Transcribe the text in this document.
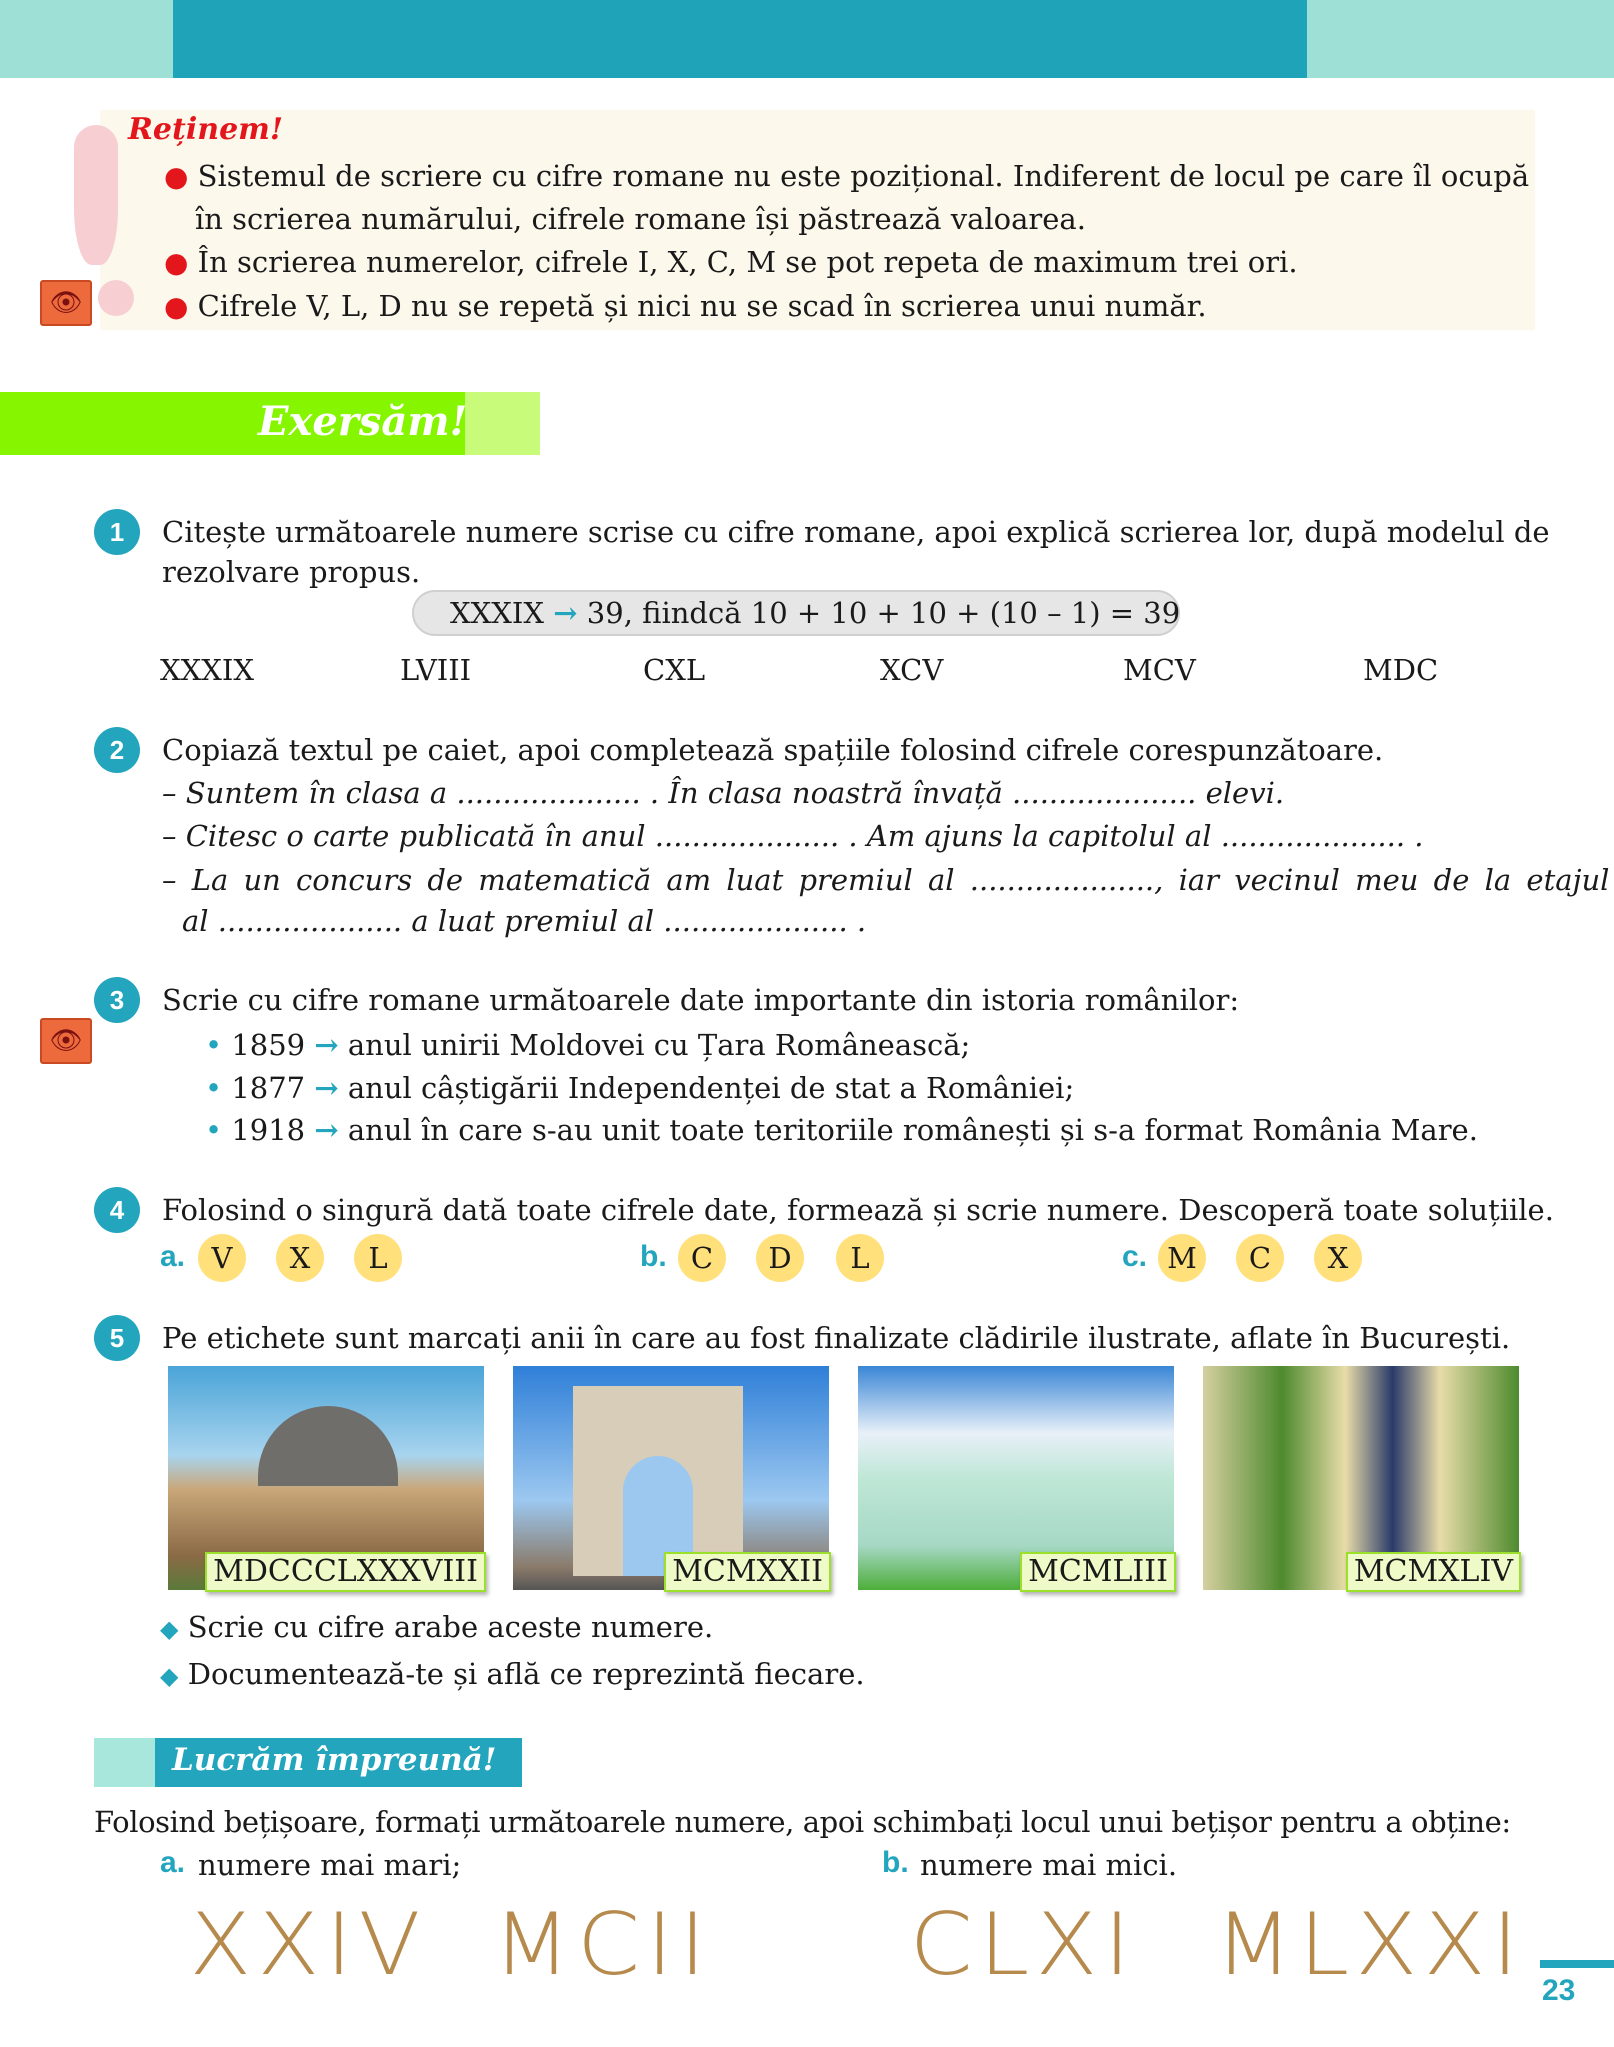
👁
Reținem!
● Sistemul de scriere cu cifre romane nu este pozițional. Indiferent de locul pe care îl ocupă
în scrierea numărului, cifrele romane își păstrează valoarea.
● În scrierea numerelor, cifrele I, X, C, M se pot repeta de maximum trei ori.
● Cifrele V, L, D nu se repetă și nici nu se scad în scrierea unui număr.
Exersăm!
1	Citește următoarele numere scrise cu cifre romane, apoi explică scrierea lor, după modelul de
rezolvare propus.
XXXIX → 39, fiindcă 10 + 10 + 10 + (10 – 1) = 39
XXXIX	LVIII	CXL	XCV	MCV	MDC
2	Copiază textul pe caiet, apoi completează spațiile folosind cifrele corespunzătoare.
– Suntem în clasa a .................... . În clasa noastră învață .................... elevi.
– Citesc o carte publicată în anul .................... . Am ajuns la capitolul al .................... .
– La un concurs de matematică am luat premiul al ...................., iar vecinul meu de la etajul
al .................... a luat premiul al .................... .
3
👁
Scrie cu cifre romane următoarele date importante din istoria românilor:
• 1859 → anul unirii Moldovei cu Țara Românească;
• 1877 → anul câștigării Independenței de stat a României;
• 1918 → anul în care s-au unit toate teritoriile românești și s-a format România Mare.
4	Folosind o singură dată toate cifrele date, formează și scrie numere. Descoperă toate soluțiile.
a. V	X	L	b. C	D	L	c. M	C	X
5	Pe etichete sunt marcați anii în care au fost finalizate clădirile ilustrate, aflate în București.
MDCCCLXXXVIII	MCMXXII	MCMLIII	MCMXLIV
◆ Scrie cu cifre arabe aceste numere.
◆ Documentează-te și află ce reprezintă fiecare.
Lucrăm împreună!
Folosind bețișoare, formați următoarele numere, apoi schimbați locul unui bețișor pentru a obține:
a. numere mai mari;	b. numere mai mici.
XXIV MCII CLXI MLXXI 23
